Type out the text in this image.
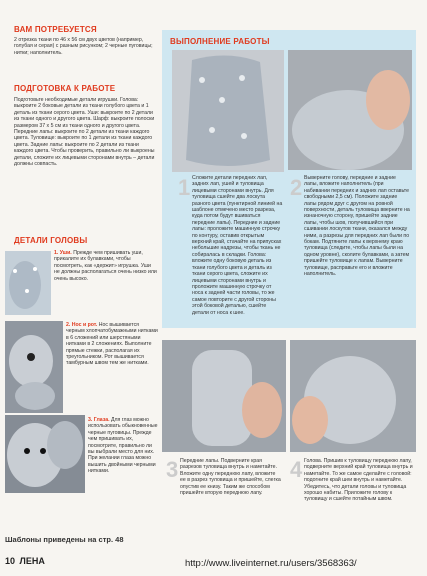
ВАМ ПОТРЕБУЕТСЯ
2 отрезка ткани по 46 х 56 см двух цветов (например, голубая и серая) с разным рисунком; 2 черные пуговицы; нитки; наполнитель.
ПОДГОТОВКА К РАБОТЕ
Подготовьте необходимые детали игрушки. Голова: выкроите 2 боковые детали из ткани голубого цвета и 1 деталь из ткани серого цвета. Уши: выкроите по 2 детали из ткани одного и другого цвета. Шарф: выкроите полоски размером 37 х 5 см из ткани одного и другого цвета. Передние лапы: выкроите по 2 детали из ткани каждого цвета. Туловище: выкроите по 1 детали из ткани каждого цвета. Задние лапы: выкроите по 2 детали из ткани каждого цвета. Чтобы проверить, правильно ли выкроены детали, сложите их лицевыми сторонами внутрь – детали должны совпасть.
ДЕТАЛИ ГОЛОВЫ
1. Уши. Прежде чем пришивать уши, прикалите их булавками, чтобы посмотреть, как «держит» игрушка. Уши не должны располагаться очень низко или очень высоко.
2. Нос и рот. Нос вышивается черным хлопчатобумажными нитками в 6 сложений или шерстяными нитками в 2 сложениях. Выполните прямые стежки, располагая их треугольником. Рот вышивается тамбурным швом тем же нитками.
3. Глаза. Для глаз можно использовать обыкновенные черные пуговицы. Прежде чем пришивать их, посмотрите, правильно ли вы выбрали место для них. При желании глаза можно вышить двойными черными нитками.
ВЫПОЛНЕНИЕ РАБОТЫ
1 Сложите детали передних лап, задних лап, ушей и туловища лицевыми сторонами внутрь. Для туловища сшейте два лоскута разного цвета (пунктирной линией на шаблоне отмечено место разреза, куда потом будут вшиваться передние лапы). Передние и задние лапы: проложите машинную строчку по контуру, оставив открытым верхний край, стачайте на припусках небольшие надрезы, чтобы ткань не собиралась в складки. Голова: вложите одну боковую деталь из ткани голубого цвета и деталь из ткани серого цвета, сложите их лицевыми сторонами внутрь и проложите машинную строчку от носа к задней части головы, то же самое повторите с другой стороны этой боковой деталью, сшейте детали от носа к шее.
2 Выверните голову, передние и задние лапы, вложите наполнитель (при набивании передних и задних лап оставьте свободными 2,5 см). Положите задние лапы рядом друг с другом на ровной поверхности, деталь туловища вверните на изнаночную сторону, пришейте задние лапы, чтобы шов, получившийся при сшивании лоскутов ткани, оказался между ними, а разрезы для передних лап были по бокам. Подтяните лапы к верхнему краю туловища (следите, чтобы лапы были на одном уровне), сколите булавками, а затем пришейте туловище к лапам. Выверните туловище, расправьте его и вложите наполнитель.
3 Передние лапы. Подверните края разрезов туловища внутрь и наметайте. Вложите одну переднюю лапу, вложите ее в разрез туловища и пришейте, слегка опустив ее книзу. Таким же способом пришейте вторую переднюю лапу.
4 Голова. Пришив к туловищу переднюю лапу, подверните верхний край туловища внутрь и наметайте. То же самое сделайте с головой: подогните край шеи внутрь и наметайте. Убедитесь, что детали головы и туловища хорошо набиты. Приложите голову к туловищу и сшейте потайным швом.
Шаблоны приведены на стр. 48
10 ЛЕНА	http://www.liveinternet.ru/users/3568363/
